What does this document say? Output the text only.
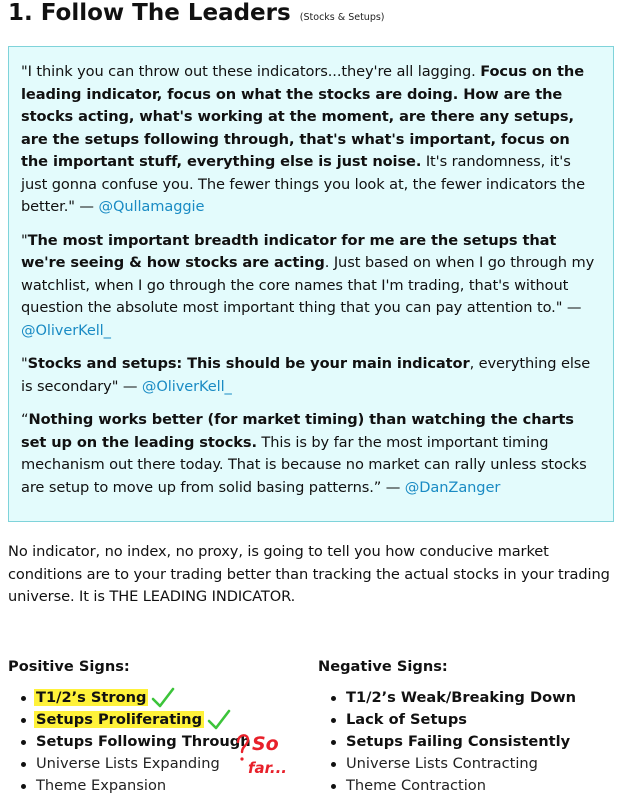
1. Follow The Leaders (Stocks & Setups)

"I think you can throw out these indicators...they're all lagging. Focus on the leading indicator, focus on what the stocks are doing. How are the stocks acting, what's working at the moment, are there any setups, are the setups following through, that's what's important, focus on the important stuff, everything else is just noise. It's randomness, it's just gonna confuse you. The fewer things you look at, the fewer indicators the better." — @Qullamaggie

"The most important breadth indicator for me are the setups that we're seeing & how stocks are acting. Just based on when I go through my watchlist, when I go through the core names that I'm trading, that's without question the absolute most important thing that you can pay attention to." — @OliverKell_

"Stocks and setups: This should be your main indicator, everything else is secondary" — @OliverKell_

“Nothing works better (for market timing) than watching the charts set up on the leading stocks. This is by far the most important timing mechanism out there today. That is because no market can rally unless stocks are setup to move up from solid basing patterns.” — @DanZanger

No indicator, no index, no proxy, is going to tell you how conducive market conditions are to your trading better than tracking the actual stocks in your trading universe. It is THE LEADING INDICATOR.

Positive Signs:
T1/2’s Strong
Setups Proliferating
Setups Following Through
Universe Lists Expanding
Theme Expansion
Negative Signs:
T1/2’s Weak/Breaking Down
Lack of Setups
Setups Failing Consistently
Universe Lists Contracting
Theme Contraction
So
far...
